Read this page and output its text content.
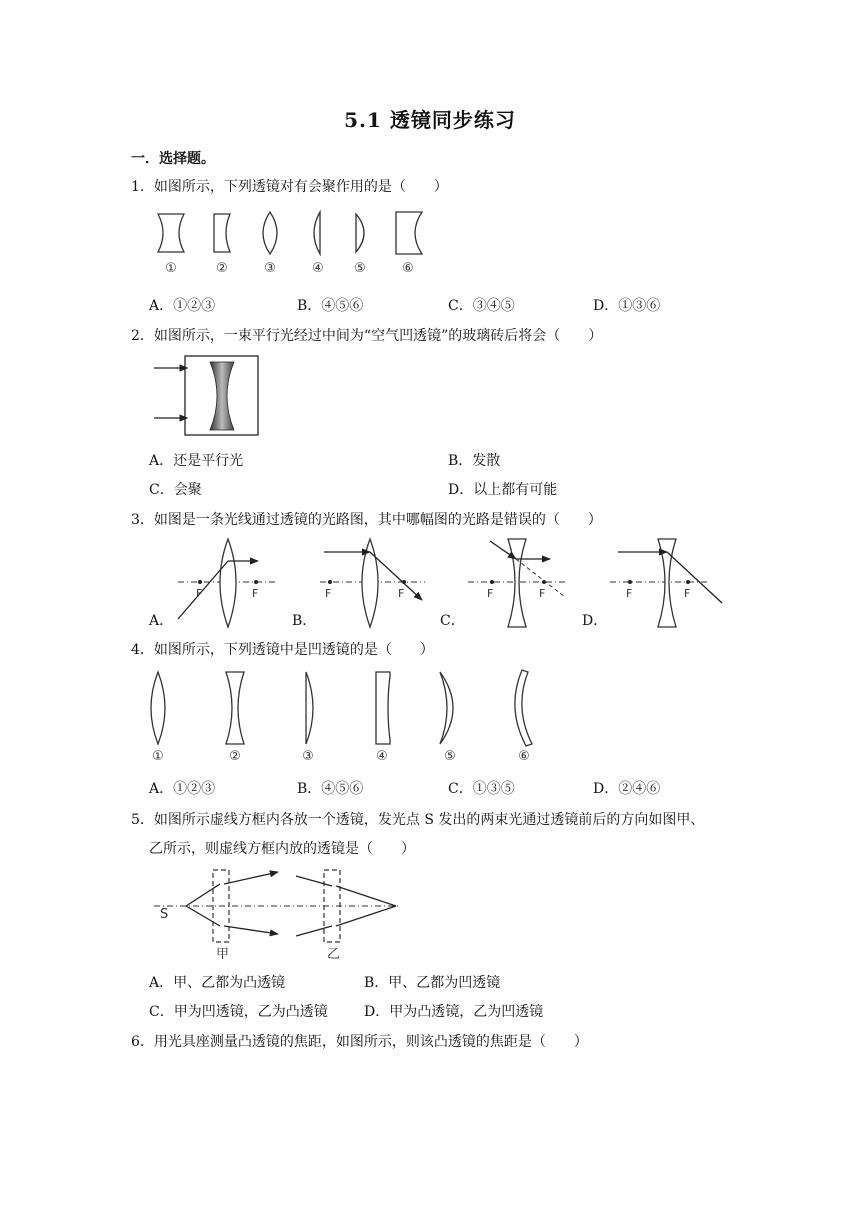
5.1 透镜同步练习
一．选择题。
1．如图所示，下列透镜对有会聚作用的是（　　）
①	②	③	④ ⑤	⑥
A．①②③	B．④⑤⑥	C．③④⑤	D．①③⑥
2．如图所示，一束平行光经过中间为“空气凹透镜”的玻璃砖后将会（　　）
A．还是平行光	B．发散
C．会聚	D．以上都有可能
3．如图是一条光线通过透镜的光路图，其中哪幅图的光路是错误的（　　）
F	F	F	F	F	F	F	F
A．	B．	C．	D．
4．如图所示，下列透镜中是凹透镜的是（　　）
①	②	③	④	⑤	⑥
A．①②③	B．④⑤⑥	C．①③⑤	D．②④⑥
5．如图所示虚线方框内各放一个透镜，发光点 S 发出的两束光通过透镜前后的方向如图甲、
乙所示，则虚线方框内放的透镜是（　　）
S
甲	乙
A．甲、乙都为凸透镜	B．甲、乙都为凹透镜
C．甲为凹透镜，乙为凸透镜	D．甲为凸透镜，乙为凹透镜
6．用光具座测量凸透镜的焦距，如图所示，则该凸透镜的焦距是（　　）
